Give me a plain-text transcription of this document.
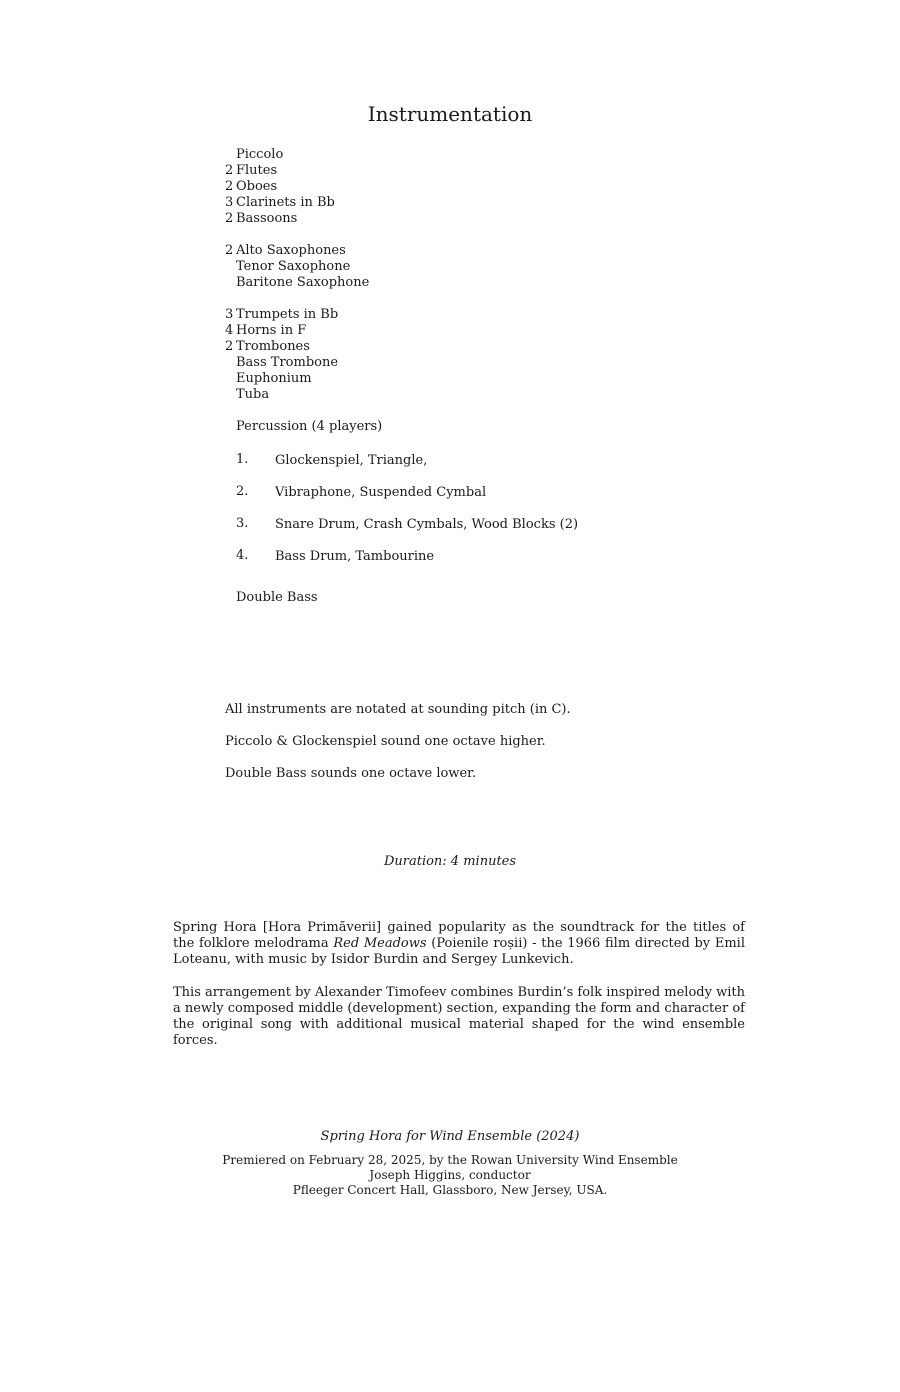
Instrumentation
Piccolo
2 Flutes
2 Oboes
3 Clarinets in Bb
2 Bassoons
2 Alto Saxophones
Tenor Saxophone
Baritone Saxophone
3 Trumpets in Bb
4 Horns in F
2 Trombones
Bass Trombone
Euphonium
Tuba
Percussion (4 players)
1. Glockenspiel, Triangle,
2. Vibraphone, Suspended Cymbal
3. Snare Drum, Crash Cymbals, Wood Blocks (2)
4. Bass Drum, Tambourine
Double Bass
All instruments are notated at sounding pitch (in C).
Piccolo & Glockenspiel sound one octave higher.
Double Bass sounds one octave lower.
Duration: 4 minutes
Spring Hora [Hora Primăverii] gained popularity as the soundtrack for the titles of the folklore melodrama Red Meadows (Poienile roșii) - the 1966 film directed by Emil Loteanu, with music by Isidor Burdin and Sergey Lunkevich.
This arrangement by Alexander Timofeev combines Burdin’s folk inspired melody with a newly composed middle (development) section, expanding the form and character of the original song with additional musical material shaped for the wind ensemble forces.
Spring Hora for Wind Ensemble (2024)
Premiered on February 28, 2025, by the Rowan University Wind Ensemble
Joseph Higgins, conductor
Pfleeger Concert Hall, Glassboro, New Jersey, USA.
